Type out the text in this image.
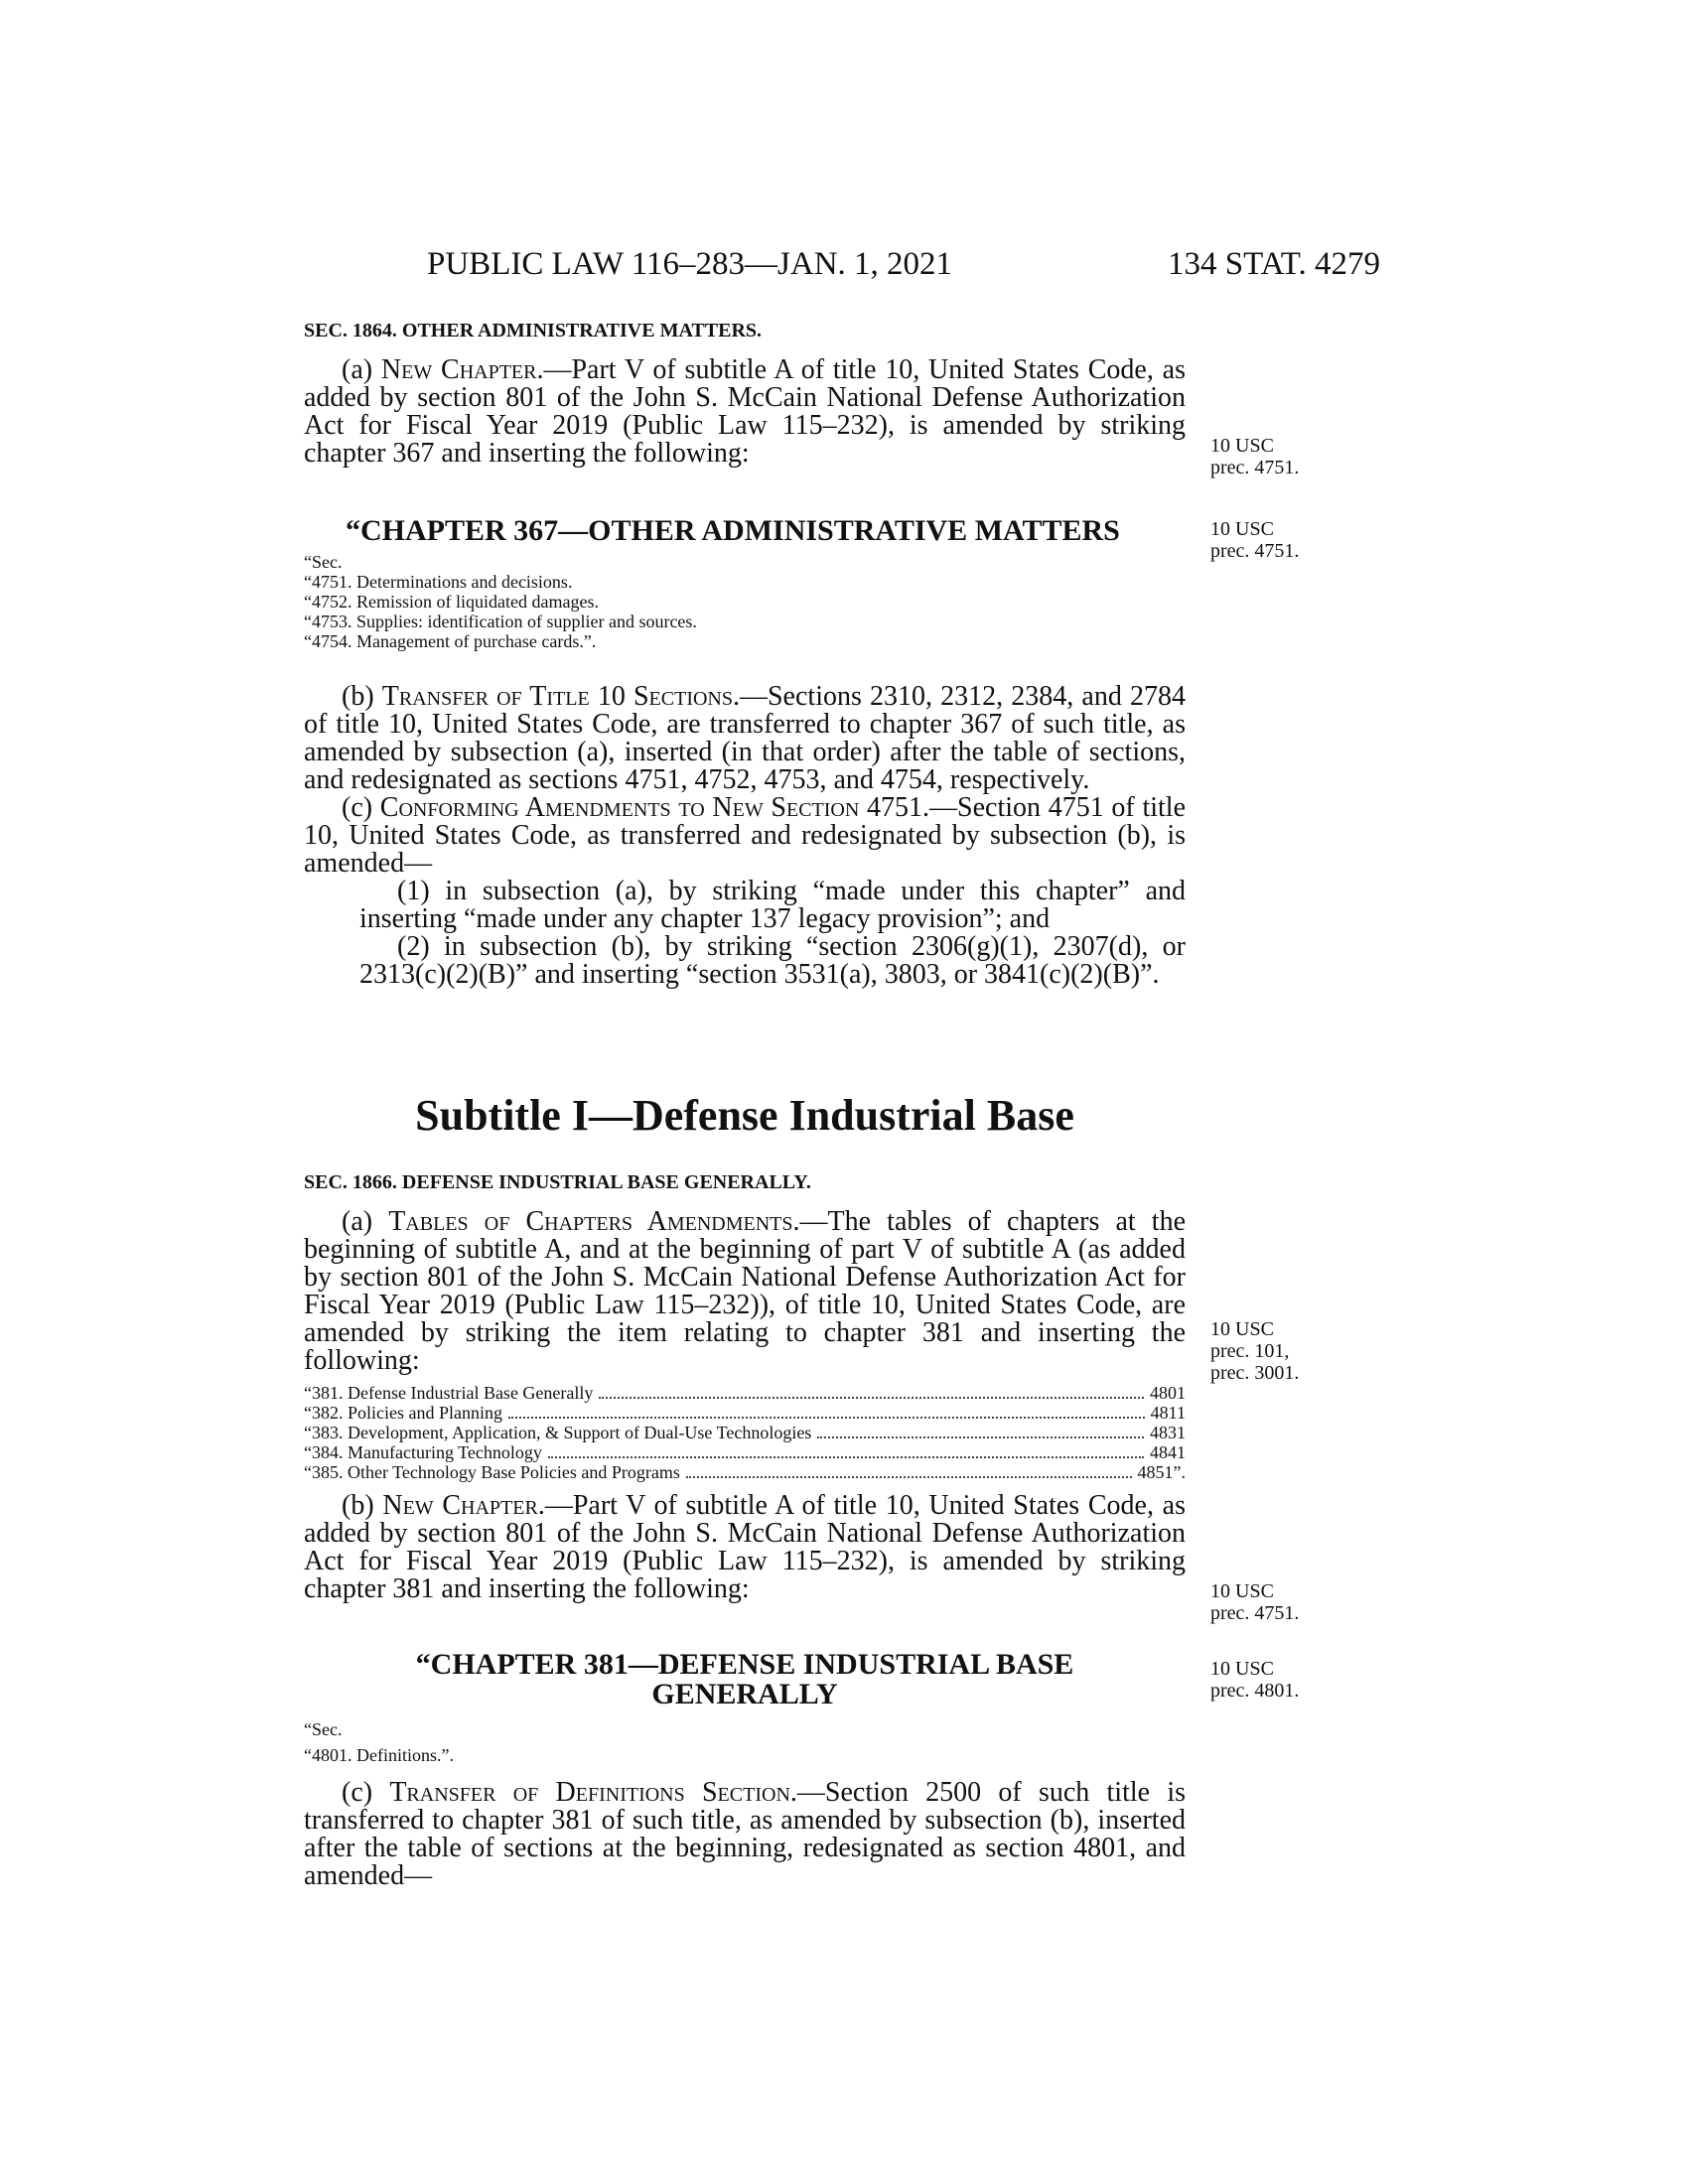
PUBLIC LAW 116–283—JAN. 1, 2021	134 STAT. 4279

SEC. 1864. OTHER ADMINISTRATIVE MATTERS.

(a) New Chapter.—Part V of subtitle A of title 10, United States Code, as added by section 801 of the John S. McCain National Defense Authorization Act for Fiscal Year 2019 (Public Law 115–232), is amended by striking chapter 367 and inserting the following:

“CHAPTER 367—OTHER ADMINISTRATIVE MATTERS

“Sec.

“4751. Determinations and decisions.

“4752. Remission of liquidated damages.

“4753. Supplies: identification of supplier and sources.

“4754. Management of purchase cards.”.

(b) Transfer of Title 10 Sections.—Sections 2310, 2312, 2384, and 2784 of title 10, United States Code, are transferred to chapter 367 of such title, as amended by subsection (a), inserted (in that order) after the table of sections, and redesignated as sections 4751, 4752, 4753, and 4754, respectively.

(c) Conforming Amendments to New Section 4751.—Section 4751 of title 10, United States Code, as transferred and redesignated by subsection (b), is amended—

(1) in subsection (a), by striking “made under this chapter” and inserting “made under any chapter 137 legacy provision”; and

(2) in subsection (b), by striking “section 2306(g)(1), 2307(d), or 2313(c)(2)(B)” and inserting “section 3531(a), 3803, or 3841(c)(2)(B)”.

Subtitle I—Defense Industrial Base

SEC. 1866. DEFENSE INDUSTRIAL BASE GENERALLY.

(a) Tables of Chapters Amendments.—The tables of chapters at the beginning of subtitle A, and at the beginning of part V of subtitle A (as added by section 801 of the John S. McCain National Defense Authorization Act for Fiscal Year 2019 (Public Law 115–232)), of title 10, United States Code, are amended by striking the item relating to chapter 381 and inserting the following:

“381. Defense Industrial Base Generally	4801
“382. Policies and Planning	4811
“383. Development, Application, & Support of Dual-Use Technologies	4831
“384. Manufacturing Technology	4841
“385. Other Technology Base Policies and Programs	4851”.

(b) New Chapter.—Part V of subtitle A of title 10, United States Code, as added by section 801 of the John S. McCain National Defense Authorization Act for Fiscal Year 2019 (Public Law 115–232), is amended by striking chapter 381 and inserting the following:

“CHAPTER 381—DEFENSE INDUSTRIAL BASE

GENERALLY

“Sec.

“4801. Definitions.”.

(c) Transfer of Definitions Section.—Section 2500 of such title is transferred to chapter 381 of such title, as amended by subsection (b), inserted after the table of sections at the beginning, redesignated as section 4801, and amended—

10 USC
prec. 4751.
10 USC
prec. 4751.
10 USC
prec. 101,
prec. 3001.
10 USC
prec. 4751.
10 USC
prec. 4801.
